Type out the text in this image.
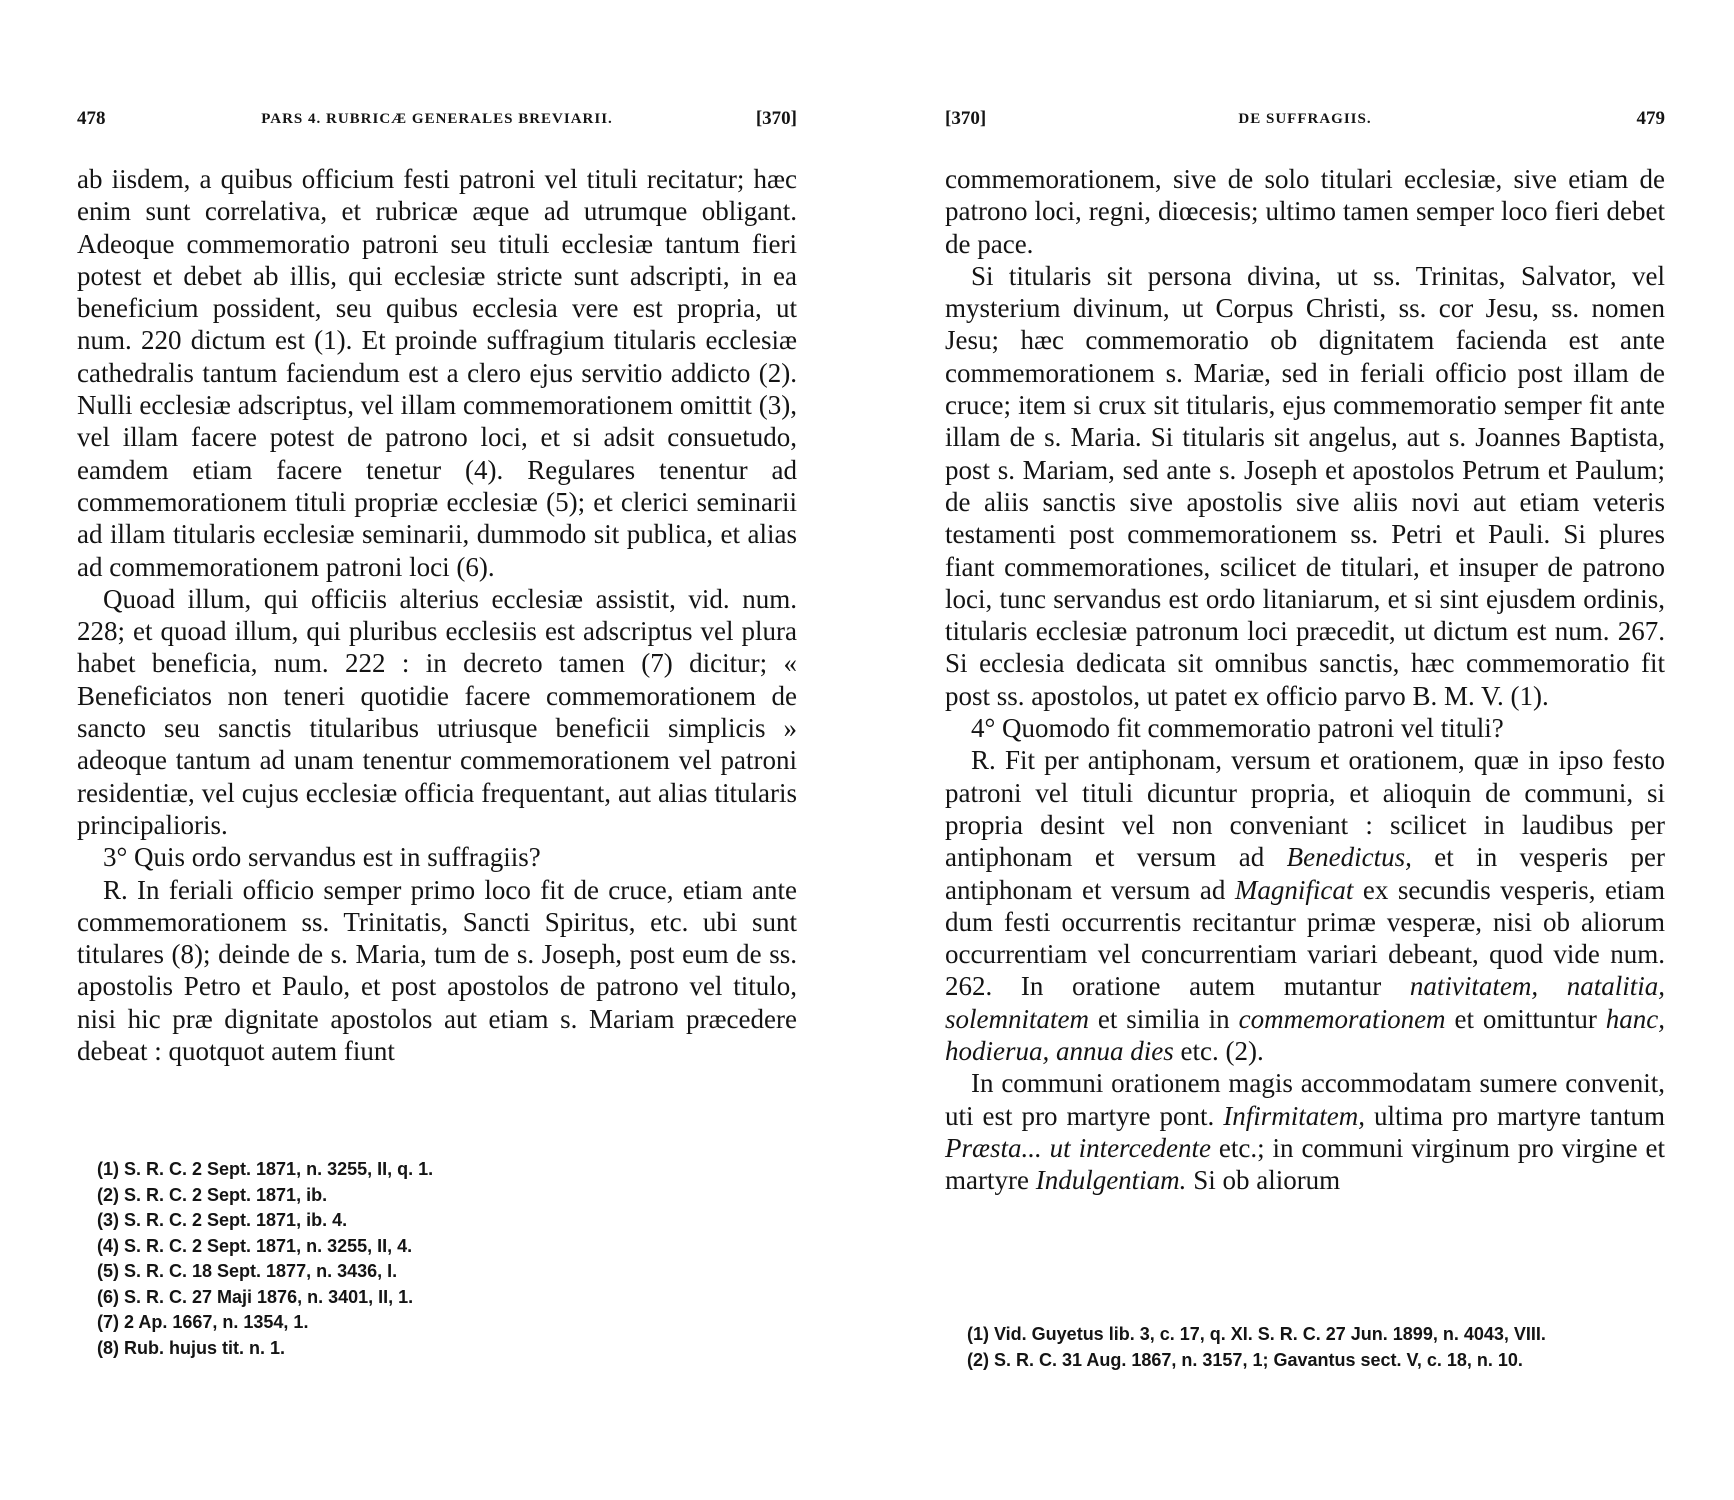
478	PARS 4. RUBRICÆ GENERALES BREVIARII.	[370]

ab iisdem, a quibus officium festi patroni vel tituli recitatur; hæc enim sunt correlativa, et rubricæ æque ad utrumque obligant. Adeoque commemoratio patroni seu tituli ecclesiæ tantum fieri potest et debet ab illis, qui ecclesiæ stricte sunt adscripti, in ea beneficium possident, seu quibus ecclesia vere est propria, ut num. 220 dictum est (1). Et proinde suffragium titularis ecclesiæ cathedralis tantum faciendum est a clero ejus servitio addicto (2). Nulli ecclesiæ adscriptus, vel illam commemorationem omittit (3), vel illam facere potest de patrono loci, et si adsit consuetudo, eamdem etiam facere tenetur (4). Regulares tenentur ad commemorationem tituli propriæ ecclesiæ (5); et clerici seminarii ad illam titularis ecclesiæ seminarii, dummodo sit publica, et alias ad commemorationem patroni loci (6).

Quoad illum, qui officiis alterius ecclesiæ assistit, vid. num. 228; et quoad illum, qui pluribus ecclesiis est adscriptus vel plura habet beneficia, num. 222 : in decreto tamen (7) dicitur; « Beneficiatos non teneri quotidie facere commemorationem de sancto seu sanctis titularibus utriusque beneficii simplicis » adeoque tantum ad unam tenentur commemorationem vel patroni residentiæ, vel cujus ecclesiæ officia frequentant, aut alias titularis principalioris.

3° Quis ordo servandus est in suffragiis?

R. In feriali officio semper primo loco fit de cruce, etiam ante commemorationem ss. Trinitatis, Sancti Spiritus, etc. ubi sunt titulares (8); deinde de s. Maria, tum de s. Joseph, post eum de ss. apostolis Petro et Paulo, et post apostolos de patrono vel titulo, nisi hic præ dignitate apostolos aut etiam s. Mariam præcedere debeat : quotquot autem fiunt

(1) S. R. C. 2 Sept. 1871, n. 3255, II, q. 1.
(2) S. R. C. 2 Sept. 1871, ib.
(3) S. R. C. 2 Sept. 1871, ib. 4.
(4) S. R. C. 2 Sept. 1871, n. 3255, II, 4.
(5) S. R. C. 18 Sept. 1877, n. 3436, I.
(6) S. R. C. 27 Maji 1876, n. 3401, II, 1.
(7) 2 Ap. 1667, n. 1354, 1.
(8) Rub. hujus tit. n. 1.
[370]	DE SUFFRAGIIS.	479

commemorationem, sive de solo titulari ecclesiæ, sive etiam de patrono loci, regni, diœcesis; ultimo tamen semper loco fieri debet de pace.

Si titularis sit persona divina, ut ss. Trinitas, Salvator, vel mysterium divinum, ut Corpus Christi, ss. cor Jesu, ss. nomen Jesu; hæc commemoratio ob dignitatem facienda est ante commemorationem s. Mariæ, sed in feriali officio post illam de cruce; item si crux sit titularis, ejus commemoratio semper fit ante illam de s. Maria. Si titularis sit angelus, aut s. Joannes Baptista, post s. Mariam, sed ante s. Joseph et apostolos Petrum et Paulum; de aliis sanctis sive apostolis sive aliis novi aut etiam veteris testamenti post commemorationem ss. Petri et Pauli. Si plures fiant commemorationes, scilicet de titulari, et insuper de patrono loci, tunc servandus est ordo litaniarum, et si sint ejusdem ordinis, titularis ecclesiæ patronum loci præcedit, ut dictum est num. 267. Si ecclesia dedicata sit omnibus sanctis, hæc commemoratio fit post ss. apostolos, ut patet ex officio parvo B. M. V. (1).

4° Quomodo fit commemoratio patroni vel tituli?

R. Fit per antiphonam, versum et orationem, quæ in ipso festo patroni vel tituli dicuntur propria, et alioquin de communi, si propria desint vel non conveniant : scilicet in laudibus per antiphonam et versum ad Benedictus, et in vesperis per antiphonam et versum ad Magnificat ex secundis vesperis, etiam dum festi occurrentis recitantur primæ vesperæ, nisi ob aliorum occurrentiam vel concurrentiam variari debeant, quod vide num. 262. In oratione autem mutantur nativitatem, natalitia, solemnitatem et similia in commemorationem et omittuntur hanc, hodierua, annua dies etc. (2).

In communi orationem magis accommodatam sumere convenit, uti est pro martyre pont. Infirmitatem, ultima pro martyre tantum Præsta... ut intercedente etc.; in communi virginum pro virgine et martyre Indulgentiam. Si ob aliorum

(1) Vid. Guyetus lib. 3, c. 17, q. XI. S. R. C. 27 Jun. 1899, n. 4043, VIII.
(2) S. R. C. 31 Aug. 1867, n. 3157, 1; Gavantus sect. V, c. 18, n. 10.
